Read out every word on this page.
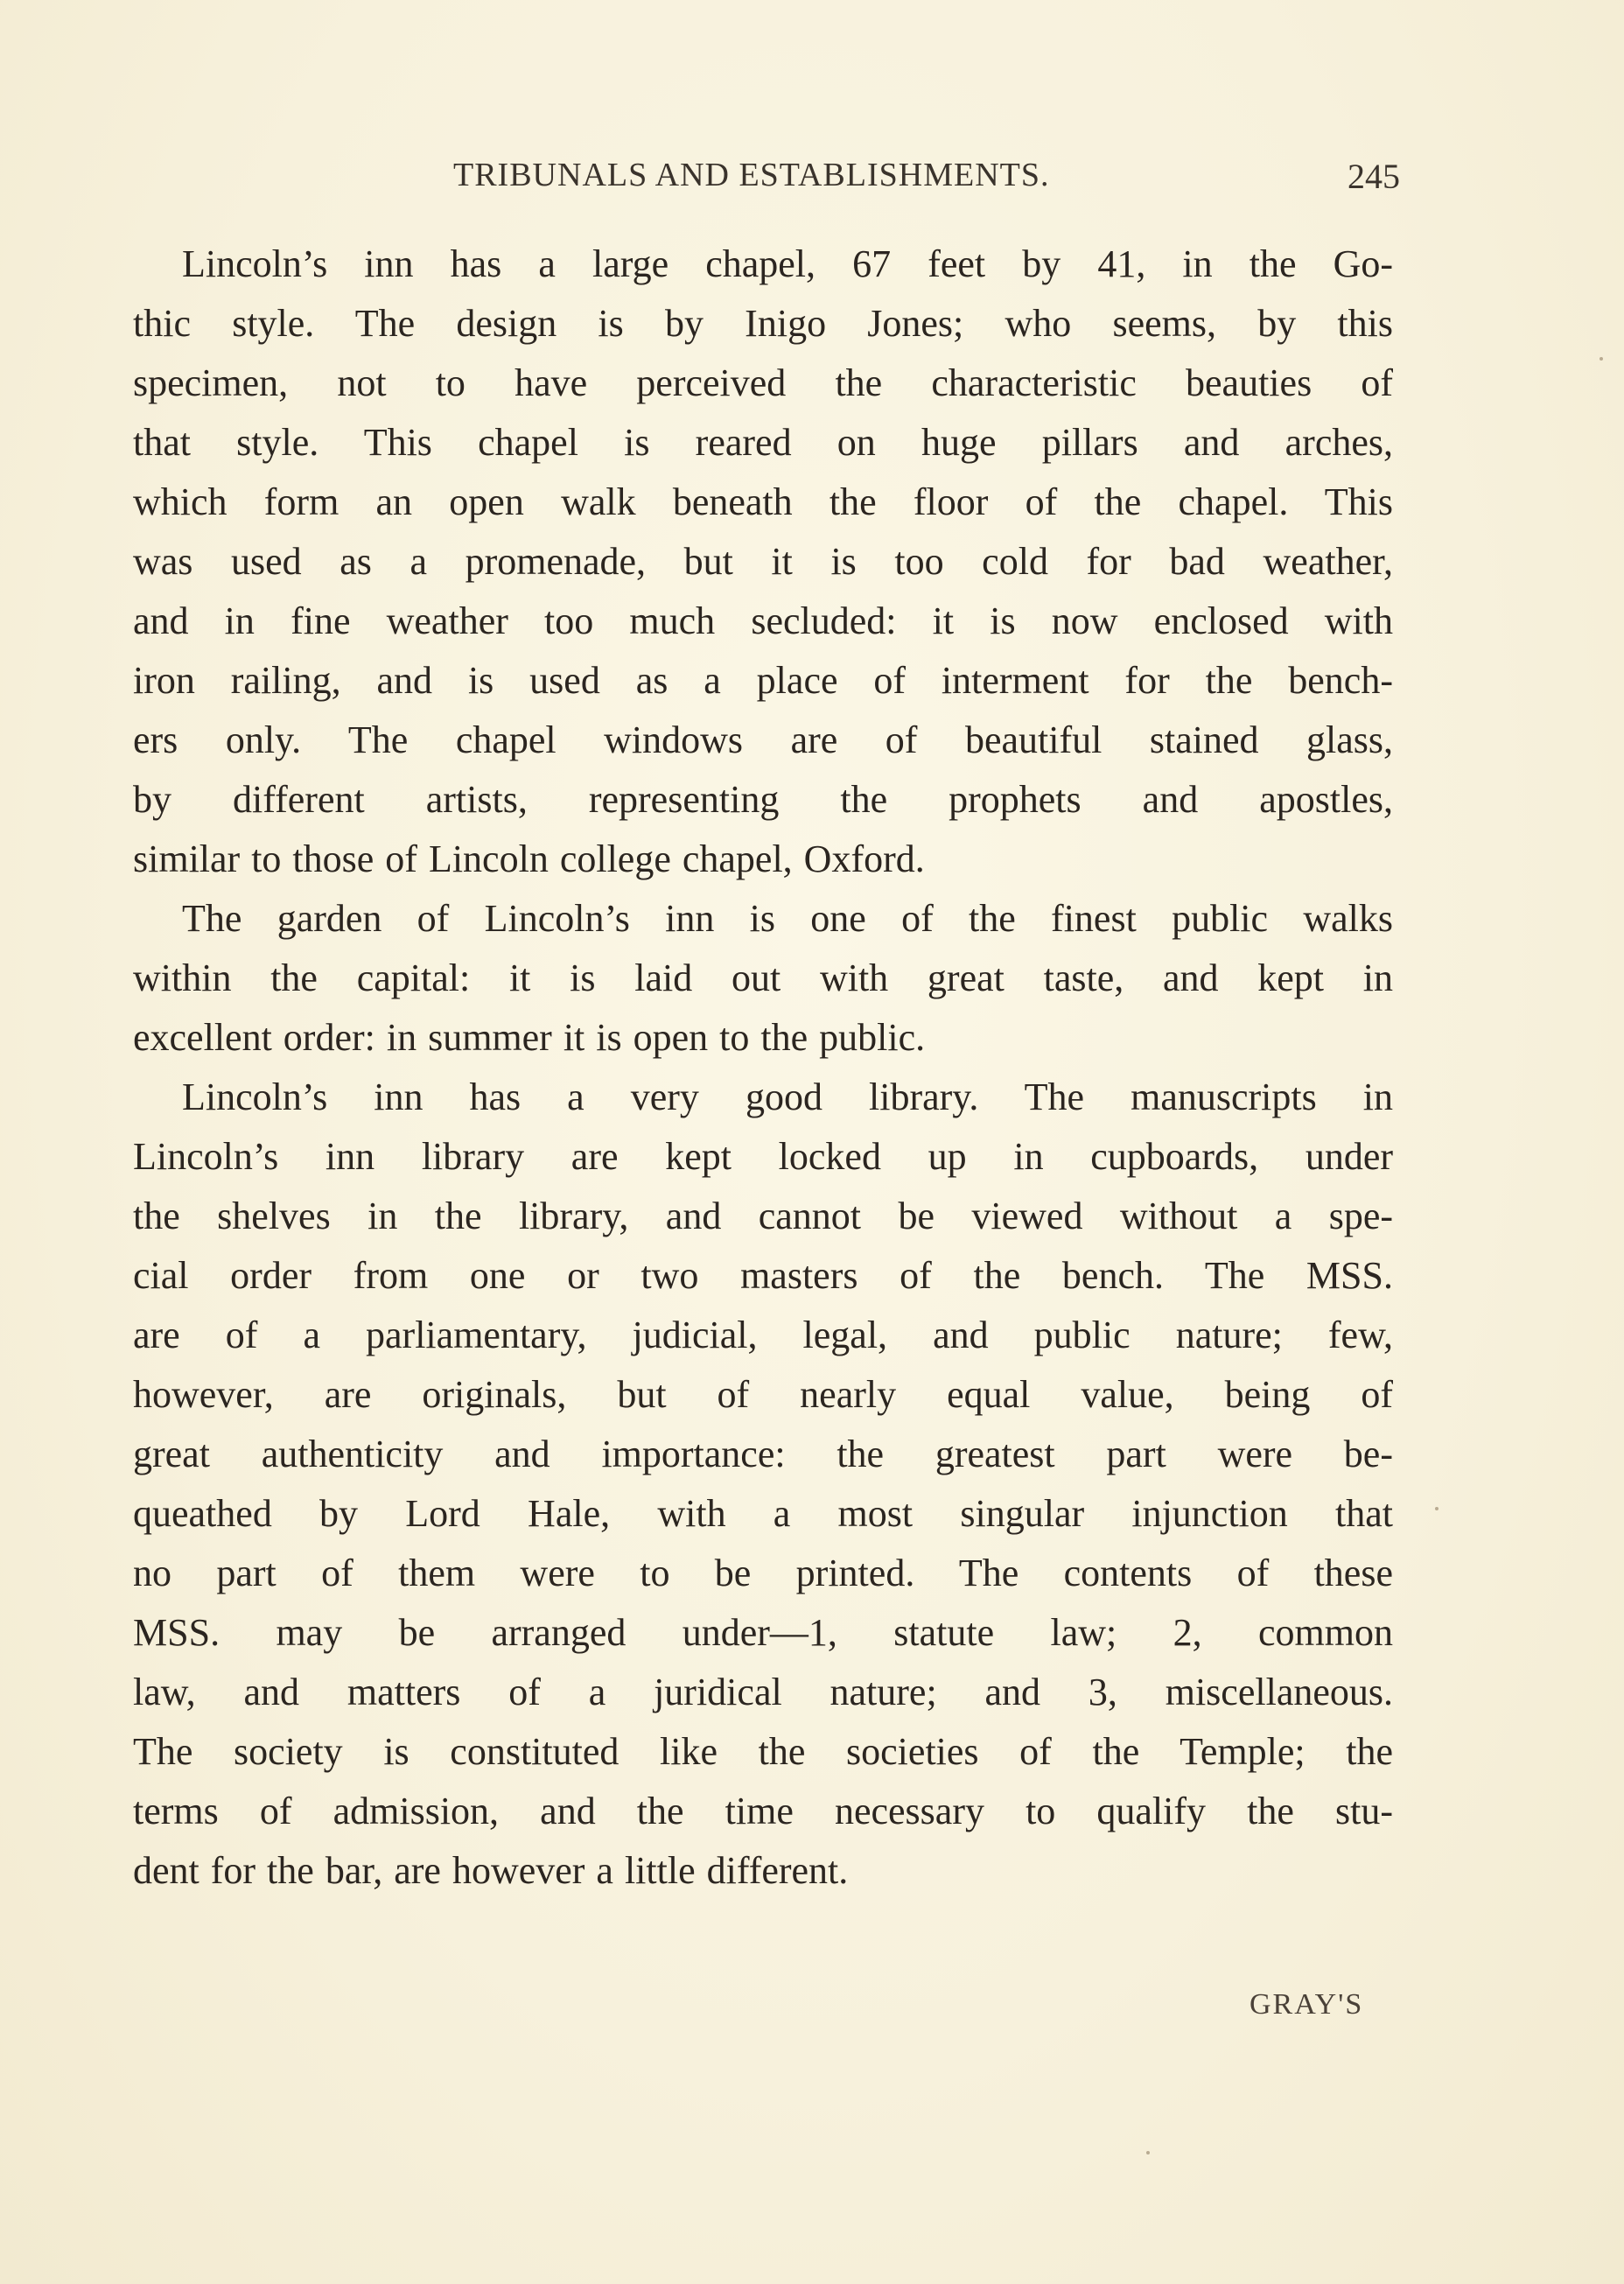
TRIBUNALS AND ESTABLISHMENTS.	245
Lincoln’s inn has a large chapel, 67 feet by 41, in the Go-
thic style. The design is by Inigo Jones; who seems, by this
specimen, not to have perceived the characteristic beauties of
that style. This chapel is reared on huge pillars and arches,
which form an open walk beneath the floor of the chapel. This
was used as a promenade, but it is too cold for bad weather,
and in fine weather too much secluded: it is now enclosed with
iron railing, and is used as a place of interment for the bench-
ers only. The chapel windows are of beautiful stained glass,
by different artists, representing the prophets and apostles,
similar to those of Lincoln college chapel, Oxford.
The garden of Lincoln’s inn is one of the finest public walks
within the capital: it is laid out with great taste, and kept in
excellent order: in summer it is open to the public.
Lincoln’s inn has a very good library. The manuscripts in
Lincoln’s inn library are kept locked up in cupboards, under
the shelves in the library, and cannot be viewed without a spe-
cial order from one or two masters of the bench. The MSS.
are of a parliamentary, judicial, legal, and public nature; few,
however, are originals, but of nearly equal value, being of
great authenticity and importance: the greatest part were be-
queathed by Lord Hale, with a most singular injunction that
no part of them were to be printed. The contents of these
MSS. may be arranged under—1, statute law; 2, common
law, and matters of a juridical nature; and 3, miscellaneous.
The society is constituted like the societies of the Temple; the
terms of admission, and the time necessary to qualify the stu-
dent for the bar, are however a little different.
GRAY'S
